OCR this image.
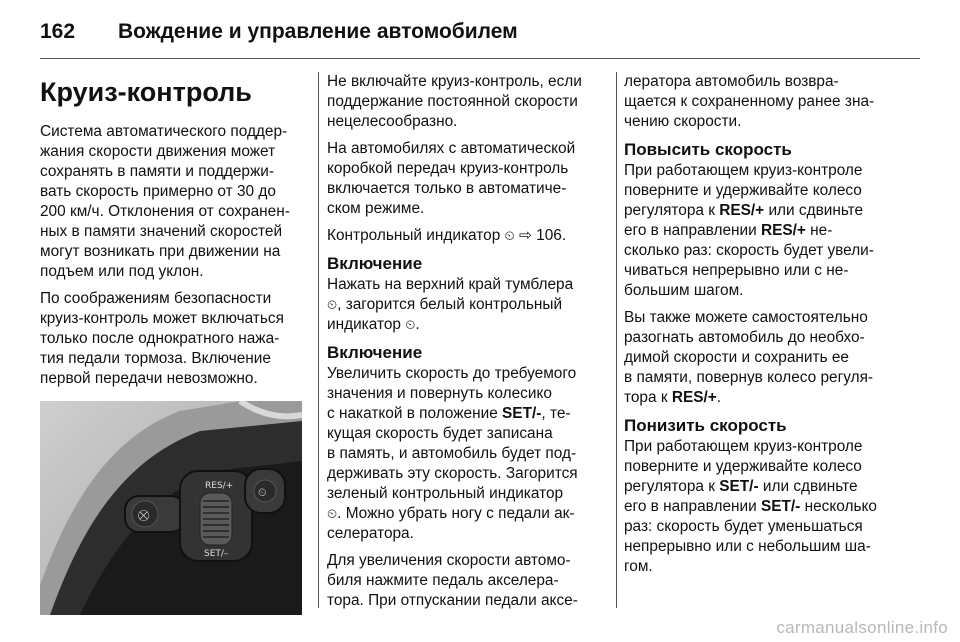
162	Вождение и управление автомобилем
Круиз-контроль

Система автоматического поддер-
жания скорости движения может
сохранять в памяти и поддержи-
вать скорость примерно от 30 до
200 км/ч. Отклонения от сохранен-
ных в памяти значений скоростей
могут возникать при движении на
подъем или под уклон.

По соображениям безопасности
круиз-контроль может включаться
только после однократного нажа-
тия педали тормоза. Включение
первой передачи невозможно.

⛒
RES/+
SET/–
⏲

Не включайте круиз-контроль, если
поддержание постоянной скорости
нецелесообразно.

На автомобилях с автоматической
коробкой передач круиз-контроль
включается только в автоматиче-
ском режиме.

Контрольный индикатор ⏲ ⇨ 106.

Включение

Нажать на верхний край тумблера
⏲, загорится белый контрольный
индикатор ⏲.

Включение

Увеличить скорость до требуемого
значения и повернуть колесико
с накаткой в положение SET/-, те-
кущая скорость будет записана
в память, и автомобиль будет под-
держивать эту скорость. Загорится
зеленый контрольный индикатор
⏲. Можно убрать ногу с педали ак-
селератора.

Для увеличения скорости автомо-
биля нажмите педаль акселера-
тора. При отпускании педали аксе-

лератора автомобиль возвра-
щается к сохраненному ранее зна-
чению скорости.

Повысить скорость

При работающем круиз-контроле
поверните и удерживайте колесо
регулятора к RES/+ или сдвиньте
его в направлении RES/+ не-
сколько раз: скорость будет увели-
чиваться непрерывно или с не-
большим шагом.

Вы также можете самостоятельно
разогнать автомобиль до необхо-
димой скорости и сохранить ее
в памяти, повернув колесо регуля-
тора к RES/+.

Понизить скорость

При работающем круиз-контроле
поверните и удерживайте колесо
регулятора к SET/- или сдвиньте
его в направлении SET/- несколько
раз: скорость будет уменьшаться
непрерывно или с небольшим ша-
гом.

carmanualsonline.info
